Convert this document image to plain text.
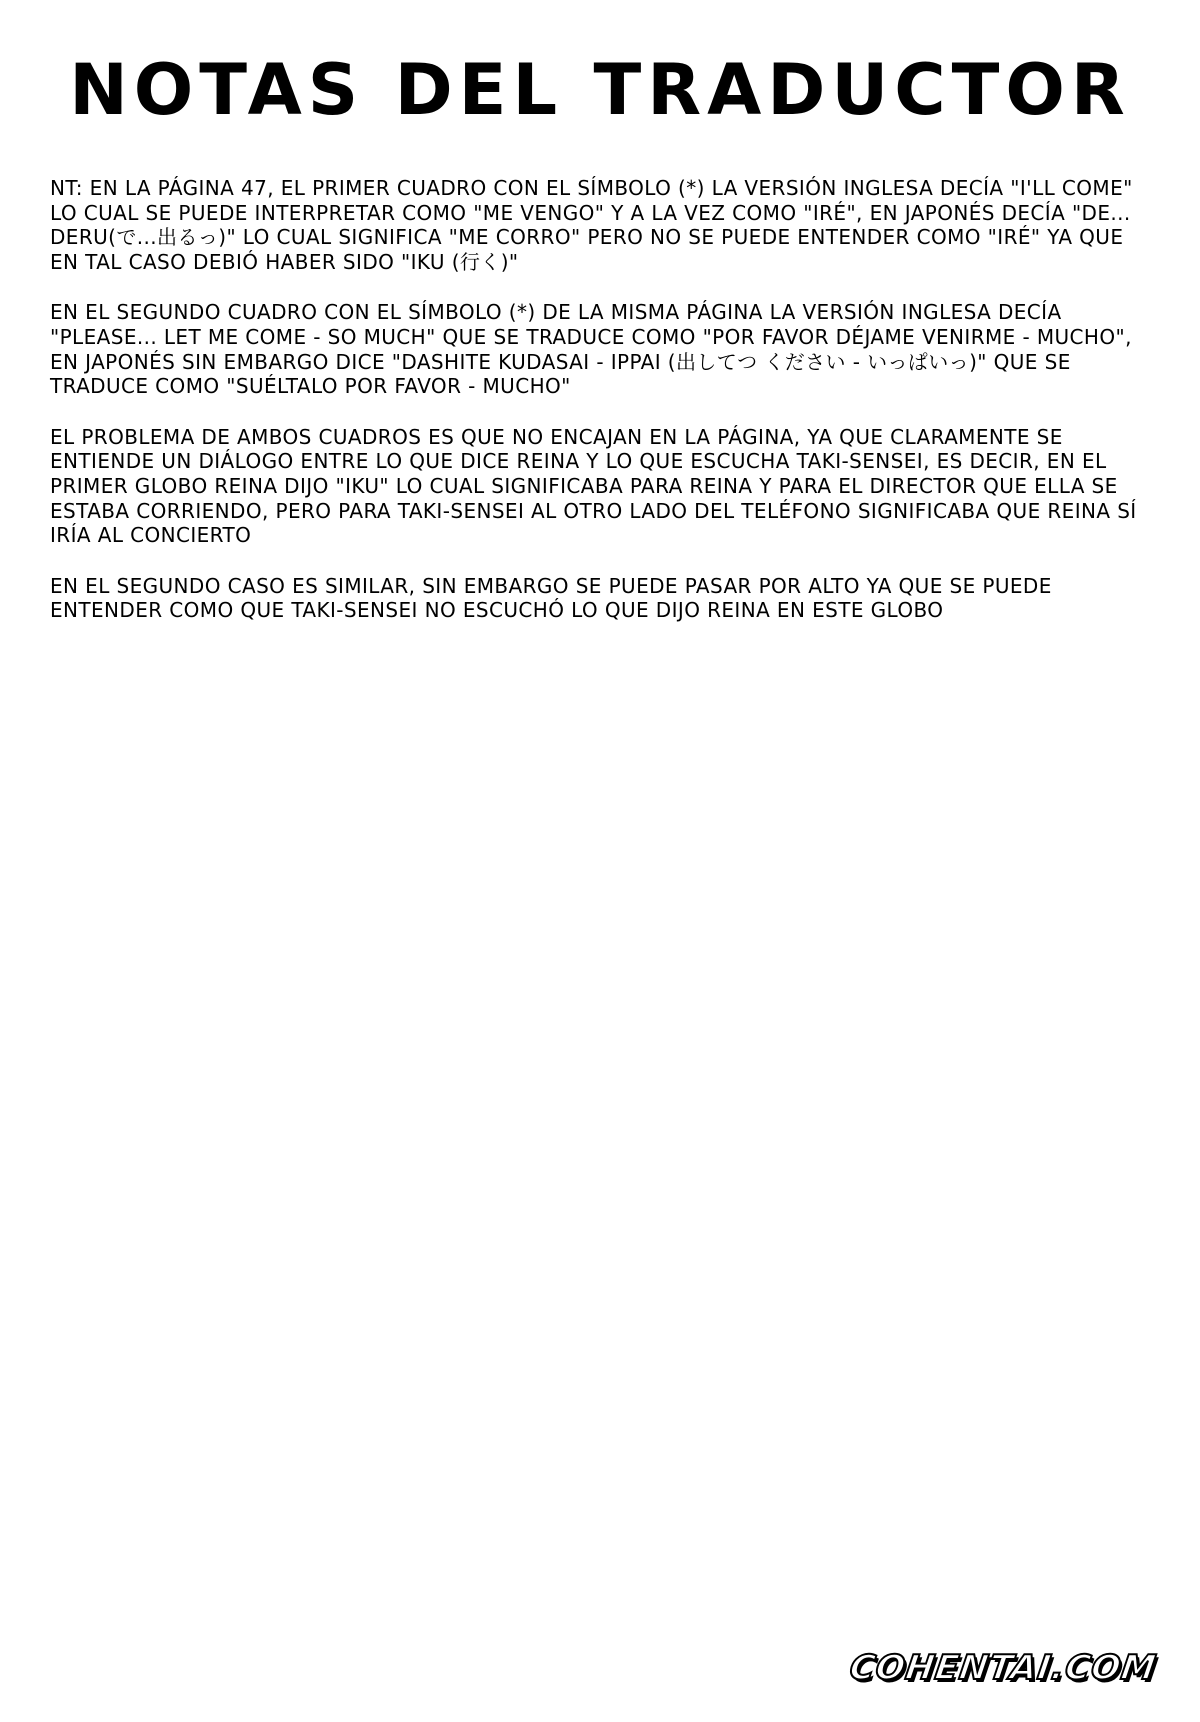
NOTAS DEL TRADUCTOR

NT: EN LA PÁGINA 47, EL PRIMER CUADRO CON EL SÍMBOLO (*) LA VERSIÓN INGLESA DECÍA "I'LL COME" LO CUAL SE PUEDE INTERPRETAR COMO "ME VENGO" Y A LA VEZ COMO "IRÉ", EN JAPONÉS DECÍA "DE... DERU(で...出るっ)" LO CUAL SIGNIFICA "ME CORRO" PERO NO SE PUEDE ENTENDER COMO "IRÉ" YA QUE EN TAL CASO DEBIÓ HABER SIDO "IKU (行く)"

EN EL SEGUNDO CUADRO CON EL SÍMBOLO (*) DE LA MISMA PÁGINA LA VERSIÓN INGLESA DECÍA "PLEASE... LET ME COME - SO MUCH" QUE SE TRADUCE COMO "POR FAVOR DÉJAME VENIRME - MUCHO", EN JAPONÉS SIN EMBARGO DICE "DASHITE KUDASAI - IPPAI (出してつ ください - いっぱいっ)" QUE SE TRADUCE COMO "SUÉLTALO POR FAVOR - MUCHO"

EL PROBLEMA DE AMBOS CUADROS ES QUE NO ENCAJAN EN LA PÁGINA, YA QUE CLARAMENTE SE ENTIENDE UN DIÁLOGO ENTRE LO QUE DICE REINA Y LO QUE ESCUCHA TAKI-SENSEI, ES DECIR, EN EL PRIMER GLOBO REINA DIJO "IKU" LO CUAL SIGNIFICABA PARA REINA Y PARA EL DIRECTOR QUE ELLA SE ESTABA CORRIENDO, PERO PARA TAKI-SENSEI AL OTRO LADO DEL TELÉFONO SIGNIFICABA QUE REINA SÍ IRÍA AL CONCIERTO

EN EL SEGUNDO CASO ES SIMILAR, SIN EMBARGO SE PUEDE PASAR POR ALTO YA QUE SE PUEDE ENTENDER COMO QUE TAKI-SENSEI NO ESCUCHÓ LO QUE DIJO REINA EN ESTE GLOBO

COHENTAI.COM
